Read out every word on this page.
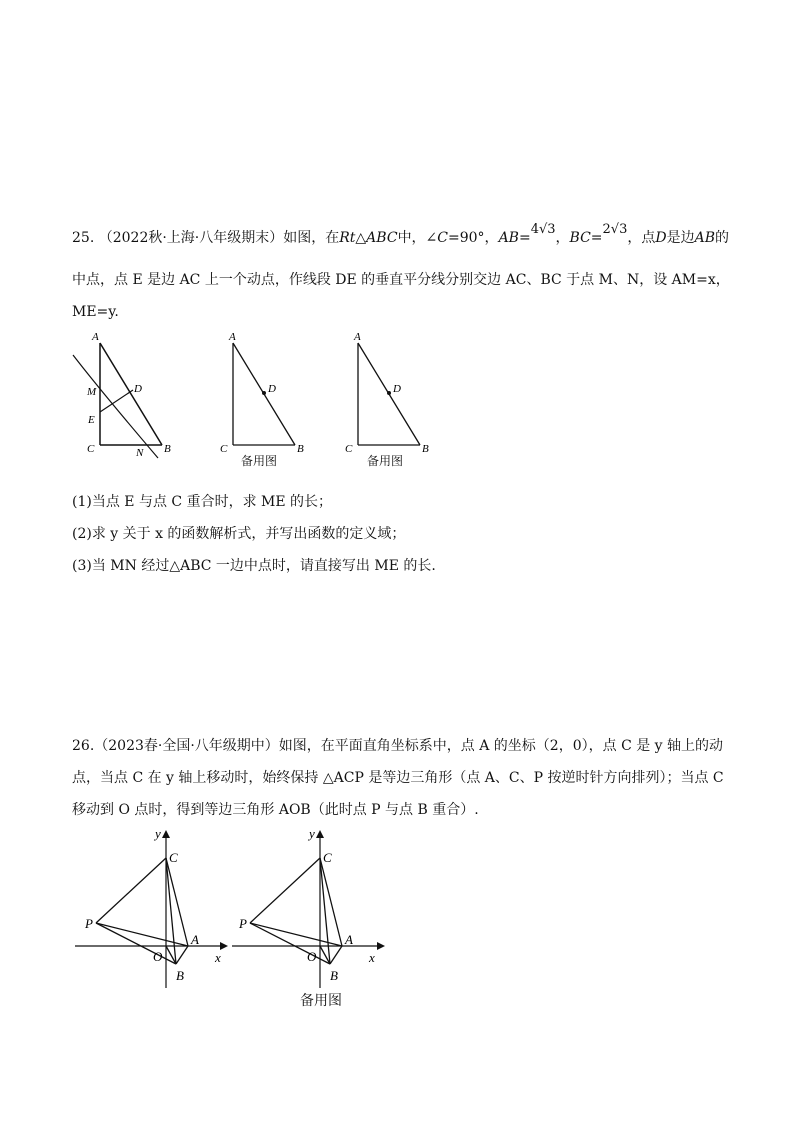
25. （2022秋·上海·八年级期末）如图，在Rt△ABC中，∠C=90°，AB=4√3，BC=2√3，点D是边AB的
中点，点 E 是边 AC 上一个动点，作线段 DE 的垂直平分线分别交边 AC、BC 于点 M、N，设 AM=x，
ME=y.
A
B
C
D
E
M
N
A
B
C
D
备用图
A
B
C
D
备用图
(1)当点 E 与点 C 重合时，求 ME 的长；
(2)求 y 关于 x 的函数解析式，并写出函数的定义域；
(3)当 MN 经过△ABC 一边中点时，请直接写出 ME 的长.
26.（2023春·全国·八年级期中）如图，在平面直角坐标系中，点 A 的坐标（2，0），点 C 是 y 轴上的动
点，当点 C 在 y 轴上移动时，始终保持 △ACP 是等边三角形（点 A、C、P 按逆时针方向排列）；当点 C
移动到 O 点时，得到等边三角形 AOB（此时点 P 与点 B 重合）.
y
x
C
P
A
O
B
y
x
C
P
A
O
B
备用图
